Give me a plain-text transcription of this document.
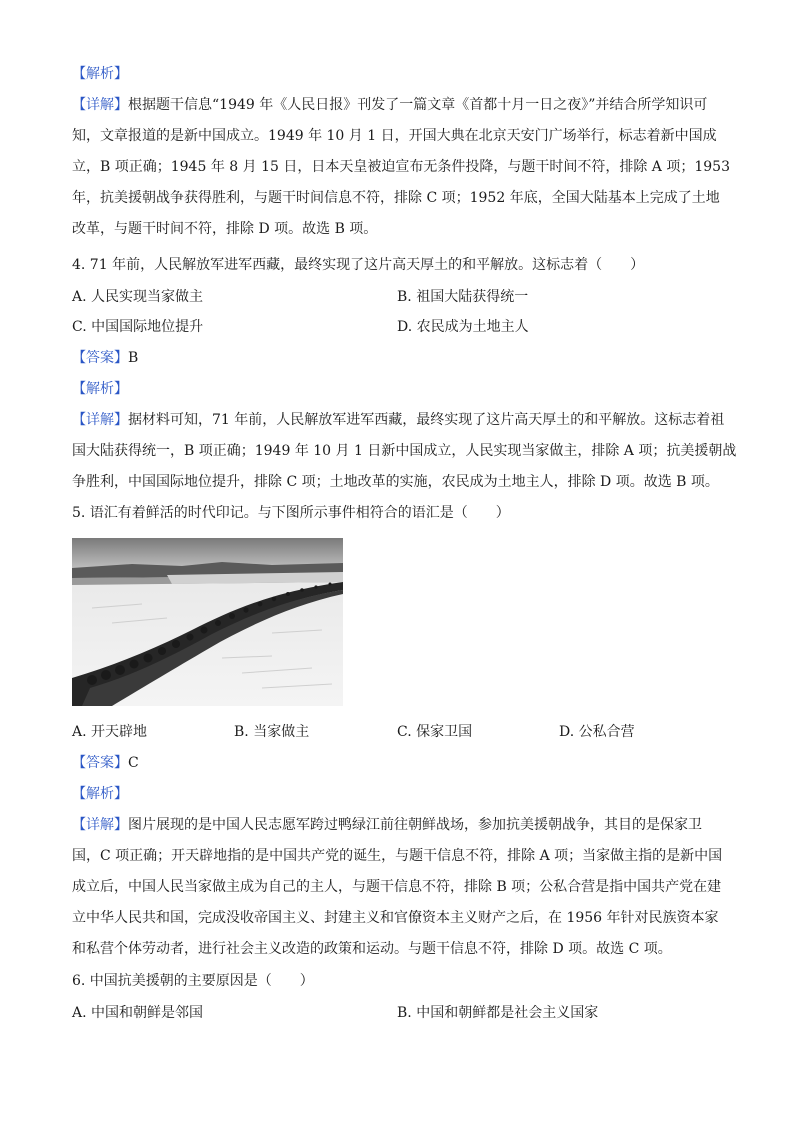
【解析】
【详解】根据题干信息“1949 年《人民日报》刊发了一篇文章《首都十月一日之夜》”并结合所学知识可
知，文章报道的是新中国成立。1949 年 10 月 1 日，开国大典在北京天安门广场举行，标志着新中国成
立，B 项正确；1945 年 8 月 15 日，日本天皇被迫宣布无条件投降，与题干时间不符，排除 A 项；1953
年，抗美援朝战争获得胜利，与题干时间信息不符，排除 C 项；1952 年底，全国大陆基本上完成了土地
改革，与题干时间不符，排除 D 项。故选 B 项。
4. 71 年前，人民解放军进军西藏，最终实现了这片高天厚土的和平解放。这标志着（　　）
A. 人民实现当家做主	B. 祖国大陆获得统一
C. 中国国际地位提升	D. 农民成为土地主人
【答案】B
【解析】
【详解】据材料可知，71 年前，人民解放军进军西藏，最终实现了这片高天厚土的和平解放。这标志着祖
国大陆获得统一，B 项正确；1949 年 10 月 1 日新中国成立，人民实现当家做主，排除 A 项；抗美援朝战
争胜利，中国国际地位提升，排除 C 项；土地改革的实施，农民成为土地主人，排除 D 项。故选 B 项。
5. 语汇有着鲜活的时代印记。与下图所示事件相符合的语汇是（　　）
A. 开天辟地	B. 当家做主	C. 保家卫国	D. 公私合营
【答案】C
【解析】
【详解】图片展现的是中国人民志愿军跨过鸭绿江前往朝鲜战场，参加抗美援朝战争，其目的是保家卫
国，C 项正确；开天辟地指的是中国共产党的诞生，与题干信息不符，排除 A 项；当家做主指的是新中国
成立后，中国人民当家做主成为自己的主人，与题干信息不符，排除 B 项；公私合营是指中国共产党在建
立中华人民共和国，完成没收帝国主义、封建主义和官僚资本主义财产之后，在 1956 年针对民族资本家
和私营个体劳动者，进行社会主义改造的政策和运动。与题干信息不符，排除 D 项。故选 C 项。
6. 中国抗美援朝的主要原因是（　　）
A. 中国和朝鲜是邻国	B. 中国和朝鲜都是社会主义国家
